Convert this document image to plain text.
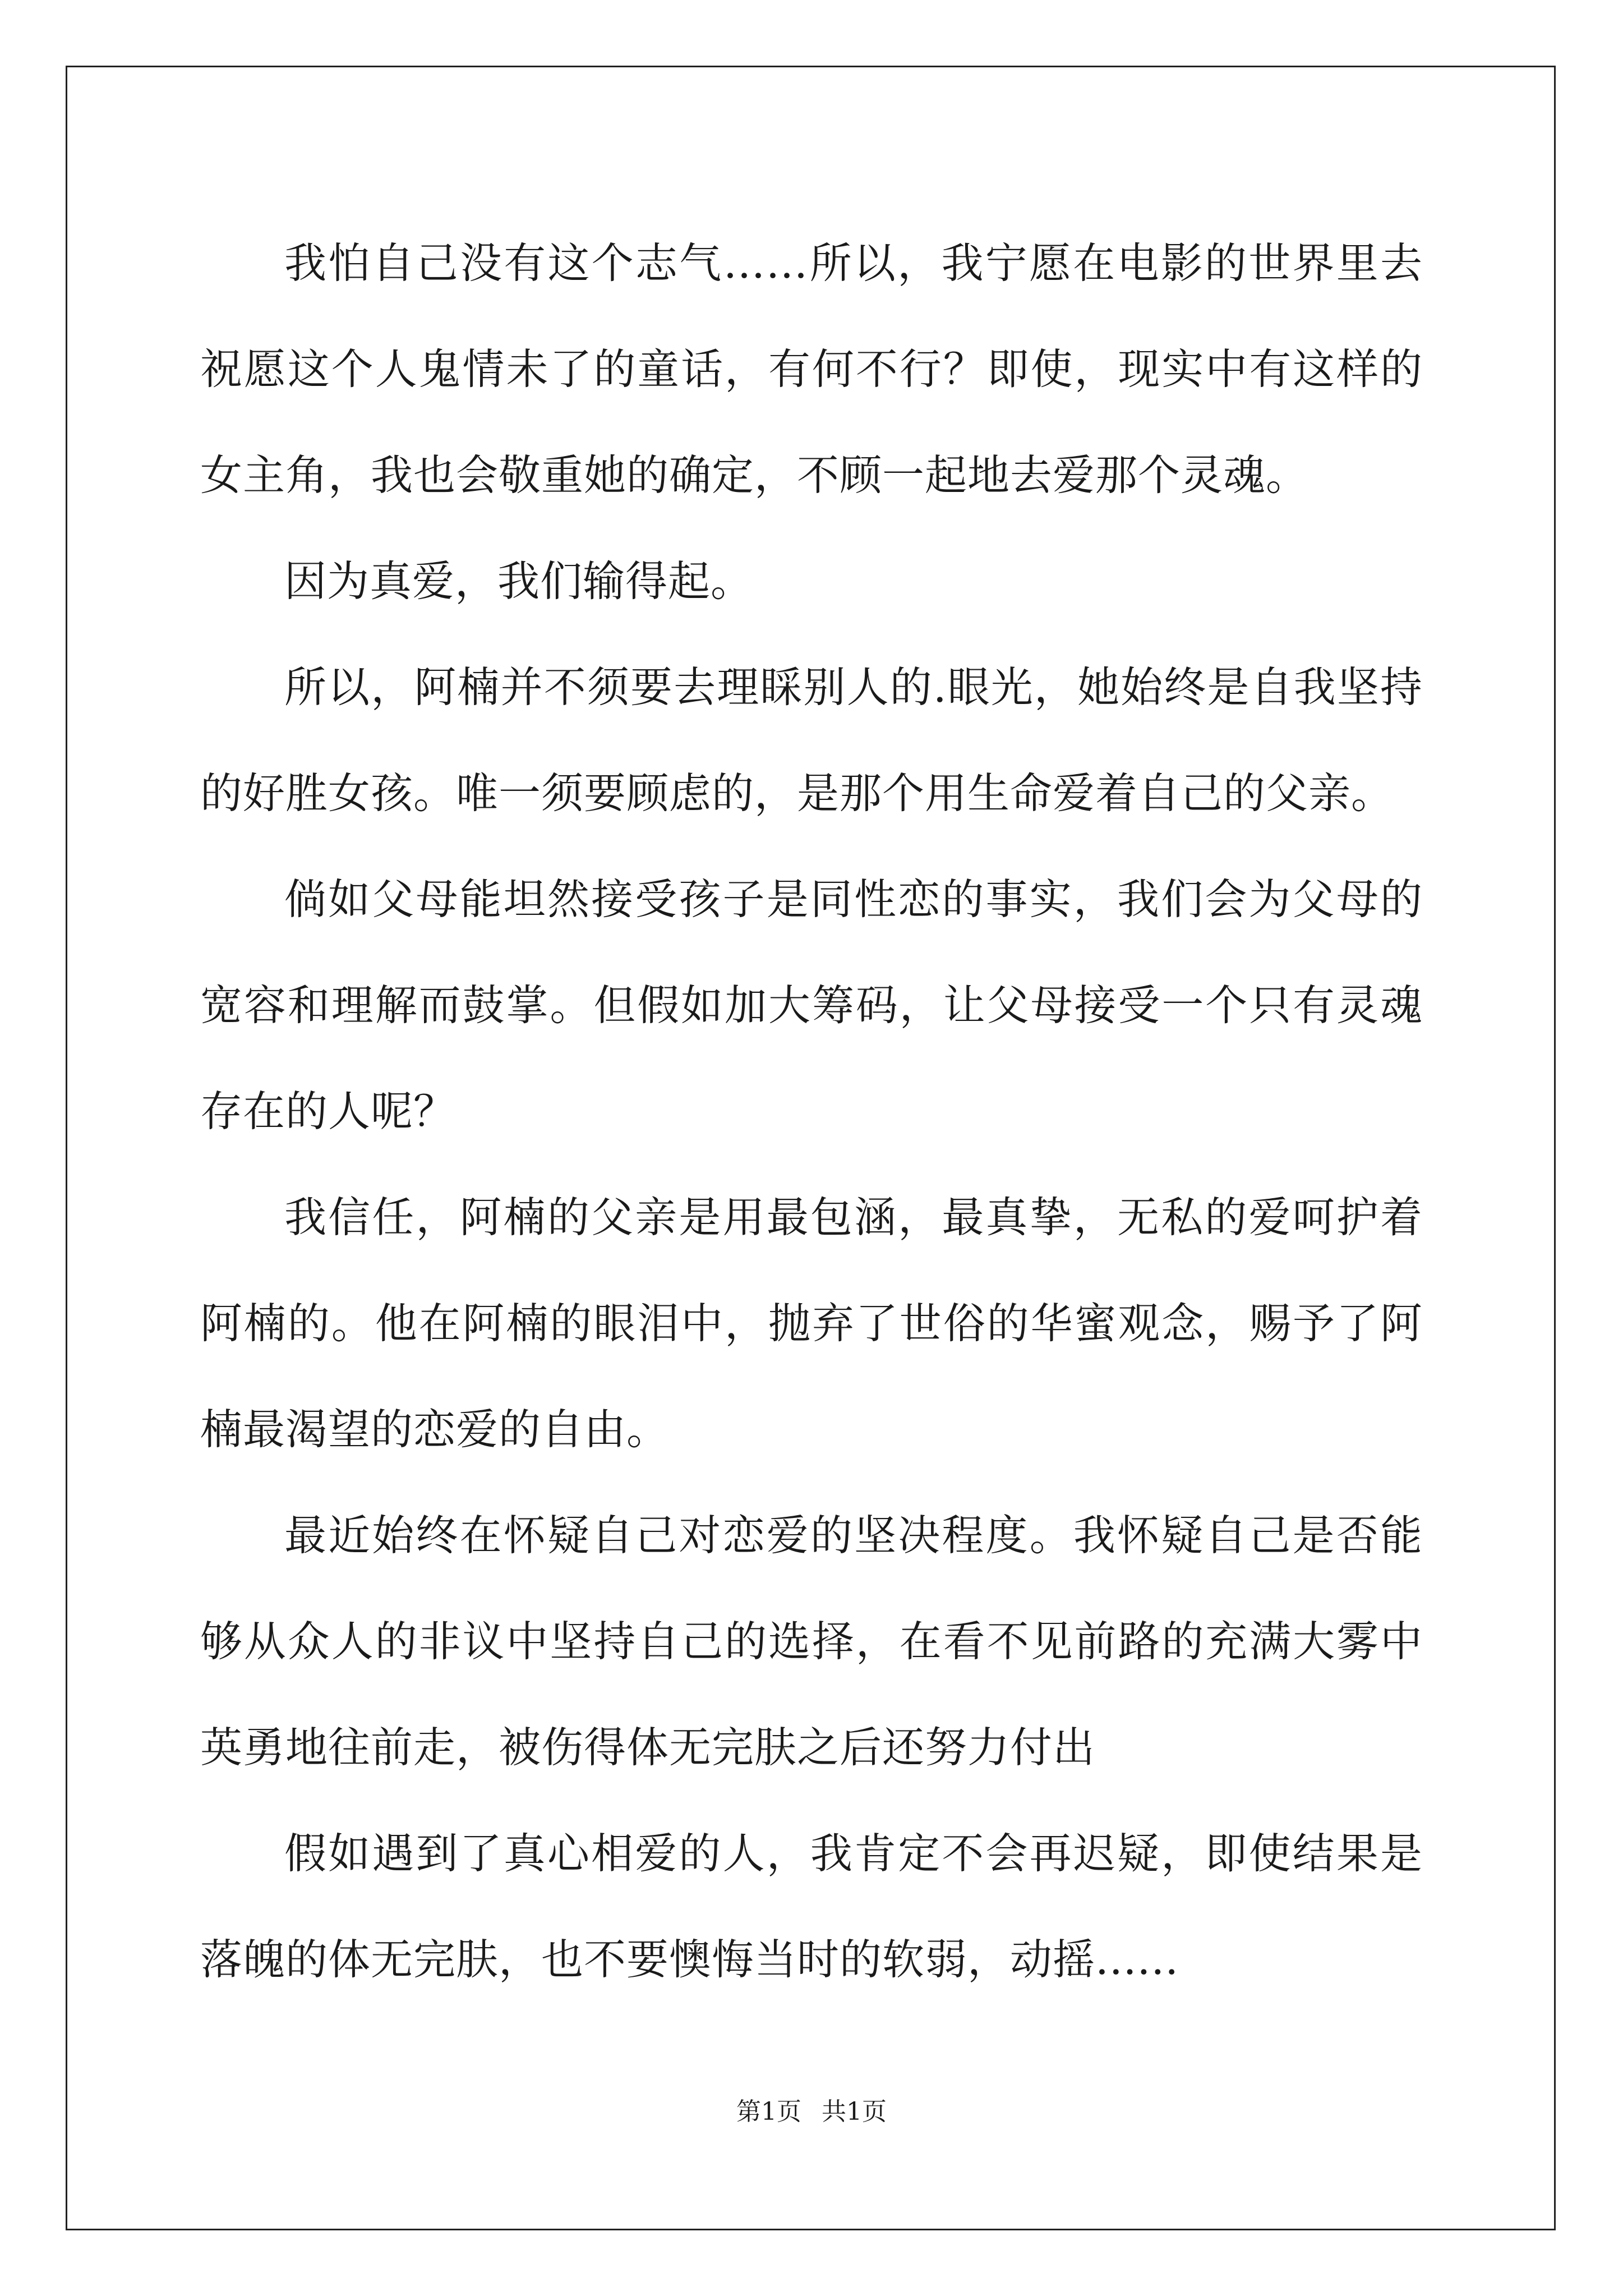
我怕自己没有这个志气……所以，我宁愿在电影的世界里去祝愿这个人鬼情未了的童话，有何不行？即使，现实中有这样的女主角，我也会敬重她的确定，不顾一起地去爱那个灵魂。

因为真爱，我们输得起。

所以，阿楠并不须要去理睬别人的.眼光，她始终是自我坚持的好胜女孩。唯一须要顾虑的，是那个用生命爱着自己的父亲。

倘如父母能坦然接受孩子是同性恋的事实，我们会为父母的宽容和理解而鼓掌。但假如加大筹码，让父母接受一个只有灵魂存在的人呢？

我信任，阿楠的父亲是用最包涵，最真挚，无私的爱呵护着阿楠的。他在阿楠的眼泪中，抛弃了世俗的华蜜观念，赐予了阿楠最渴望的恋爱的自由。

最近始终在怀疑自己对恋爱的坚决程度。我怀疑自己是否能够从众人的非议中坚持自己的选择，在看不见前路的充满大雾中英勇地往前走，被伤得体无完肤之后还努力付出

假如遇到了真心相爱的人，我肯定不会再迟疑，即使结果是落魄的体无完肤，也不要懊悔当时的软弱，动摇......

第1页 共1页
